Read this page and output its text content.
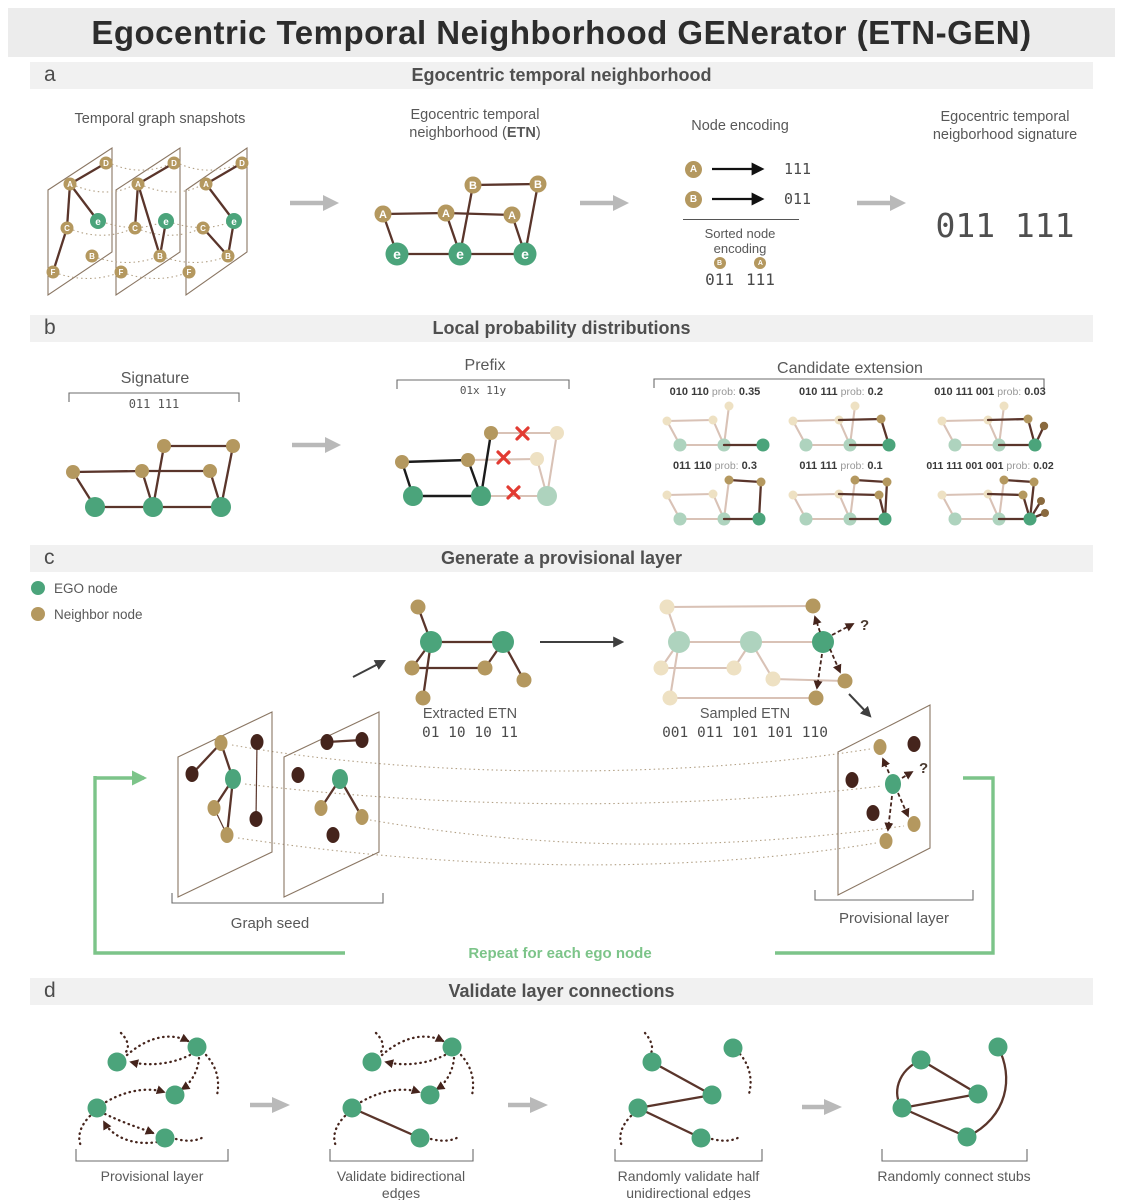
Egocentric Temporal Neighborhood GENerator (ETN-GEN)
a	Egocentric temporal neighborhood
Temporal graph snapshots
D
A
e
C
B
F
D
A
e
C
B
F
D
A
e
C
B
F
Egocentric temporal
neighborhood (ETN)
A	A	A
B	B
e	e	e
Node encoding
A	111
B	011
Sorted node
encoding
B
011
A
111
Egocentric temporal
neigborhood signature
011 111
b	Local probability distributions
Signature
011 111
Prefix
01x 11y
Candidate extension
010 110 prob: 0.35	010 111 prob: 0.2	010 111 001 prob: 0.03
011 110 prob: 0.3	011 111 prob: 0.1	011 111 001 001 prob: 0.02
c	Generate a provisional layer
EGO node
Neighbor node
Graph seed
Extracted ETN
01 10 10 11
?
Sampled ETN
001 011 101 101 110
?
Provisional layer
Repeat for each ego node
d	Validate layer connections
Provisional layer	Validate bidirectional edges
Randomly validate half unidirectional edges
Randomly connect stubs
